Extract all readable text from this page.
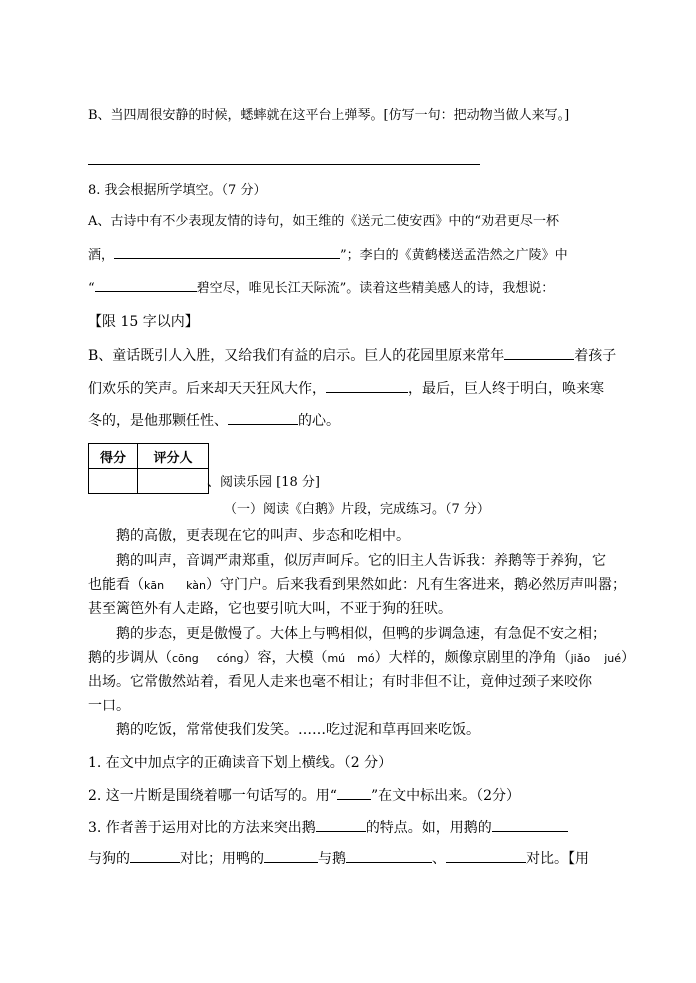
B、当四周很安静的时候，蟋蟀就在这平台上弹琴。[仿写一句：把动物当做人来写。]
8. 我会根据所学填空。（7 分）
A、古诗中有不少表现友情的诗句，如王维的《送元二使安西》中的“劝君更尽一杯
酒，	”；李白的《黄鹤楼送孟浩然之广陵》中
“	碧空尽，唯见长江天际流”。读着这些精美感人的诗，我想说：
【限 15 字以内】
B、童话既引人入胜，又给我们有益的启示。巨人的花园里原来常年	着孩子
们欢乐的笑声。后来却天天狂风大作，	，最后，巨人终于明白，唤来寒
冬的，是他那颗任性、	的心。
得分	评分人

、阅读乐园 [18 分]
（一）阅读《白鹅》片段，完成练习。（7 分）
鹅的高傲，更表现在它的叫声、步态和吃相中。
鹅的叫声，音调严肃郑重，似厉声呵斥。它的旧主人告诉我：养鹅等于养狗，它
也能看（kān kàn）守门户。后来我看到果然如此：凡有生客进来，鹅必然厉声叫嚣；
甚至篱笆外有人走路，它也要引吭大叫，不亚于狗的狂吠。
鹅的步态，更是傲慢了。大体上与鸭相似，但鸭的步调急速，有急促不安之相；
鹅的步调从（cōng cóng）容，大模（mú mó）大样的，颇像京剧里的净角（jiǎo jué）
出场。它常傲然站着，看见人走来也毫不相让；有时非但不让，竟伸过颈子来咬你
一口。
鹅的吃饭，常常使我们发笑。……吃过泥和草再回来吃饭。
1. 在文中加点字的正确读音下划上横线。（2 分）
2. 这一片断是围绕着哪一句话写的。用“ ”在文中标出来。（2分）
3. 作者善于运用对比的方法来突出鹅	的特点。如，用鹅的
与狗的	对比；用鸭的	与鹅	、	对比。【用
